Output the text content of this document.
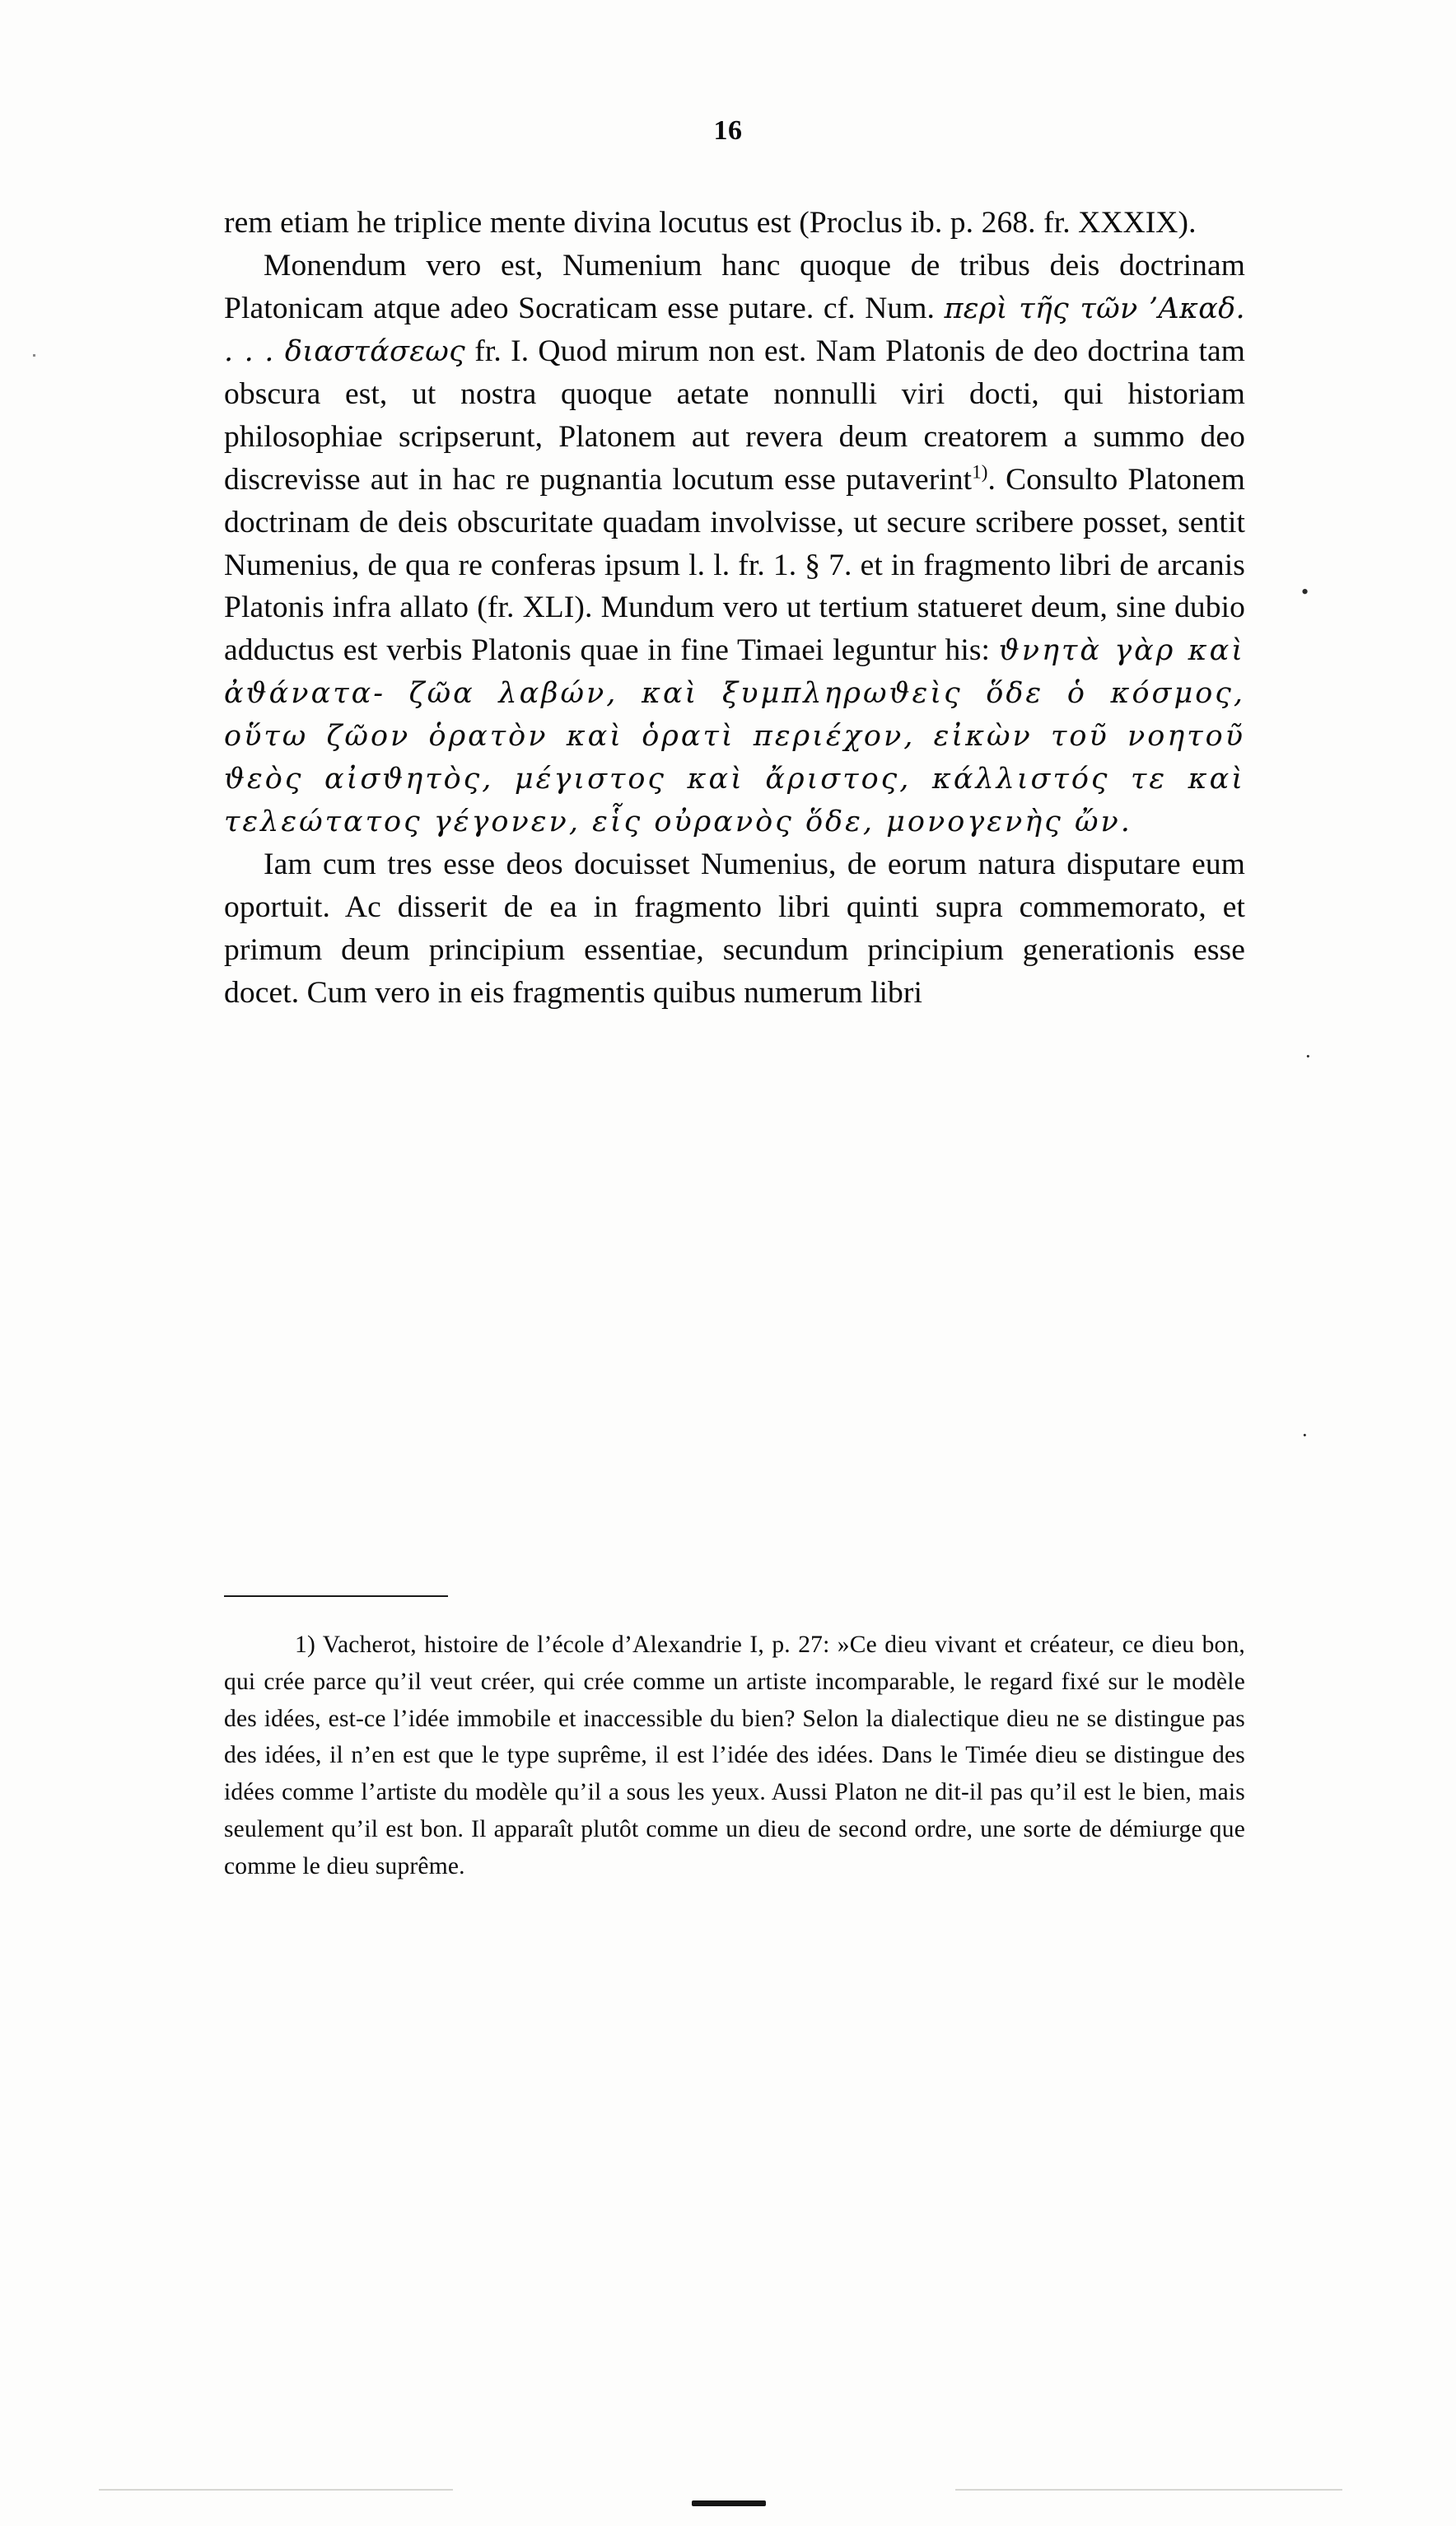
16

rem etiam he triplice mente divina locutus est (Proclus ib. p. 268. fr. XXXIX).

Monendum vero est, Numenium hanc quoque de tribus deis doctrinam Platonicam atque adeo Socraticam esse putare. cf. Num. περὶ τῆς τῶν ’Ακαδ. . . . διαστάσεως fr. I. Quod mirum non est. Nam Platonis de deo doctrina tam obscura est, ut nostra quoque aetate nonnulli viri docti, qui historiam philosophiae scripserunt, Platonem aut revera deum creatorem a summo deo discrevisse aut in hac re pugnantia locutum esse putaverint$^{1)}$. Consulto Platonem doctrinam de deis obscuritate quadam involvisse, ut secure scribere posset, sentit Numenius, de qua re conferas ipsum l. l. fr. 1. § 7. et in fragmento libri de arcanis Platonis infra allato (fr. XLI). Mundum vero ut tertium statueret deum, sine dubio adductus est verbis Platonis quae in fine Timaei leguntur his: ϑνητὰ γὰρ καὶ ἀϑάνατα- ζῶα λαβών, καὶ ξυμπληρωϑεὶς ὅδε ὁ κόσμος, οὕτω ζῶον ὁρατὸν καὶ ὁρατὶ περιέχον, εἰκὼν τοῦ νοητοῦ ϑεὸς αἰσϑητὸς, μέγιστος καὶ ἄριστος, κάλλιστός τε καὶ τελεώτατος γέγονεν, εἷς οὐρανὸς ὅδε, μονογενὴς ὤν.

Iam cum tres esse deos docuisset Numenius, de eorum natura disputare eum oportuit. Ac disserit de ea in fragmento libri quinti supra commemorato, et primum deum principium essentiae, secundum principium generationis esse docet. Cum vero in eis fragmentis quibus numerum libri

1) Vacherot, histoire de l’école d’Alexandrie I, p. 27: »Ce dieu vivant et créateur, ce dieu bon, qui crée parce qu’il veut créer, qui crée comme un artiste incomparable, le regard fixé sur le modèle des idées, est-ce l’idée immobile et inaccessible du bien? Selon la dialectique dieu ne se distingue pas des idées, il n’en est que le type suprême, il est l’idée des idées. Dans le Timée dieu se distingue des idées comme l’artiste du modèle qu’il a sous les yeux. Aussi Platon ne dit-il pas qu’il est le bien, mais seulement qu’il est bon. Il apparaît plutôt comme un dieu de second ordre, une sorte de démiurge que comme le dieu suprême.

•
·
·
